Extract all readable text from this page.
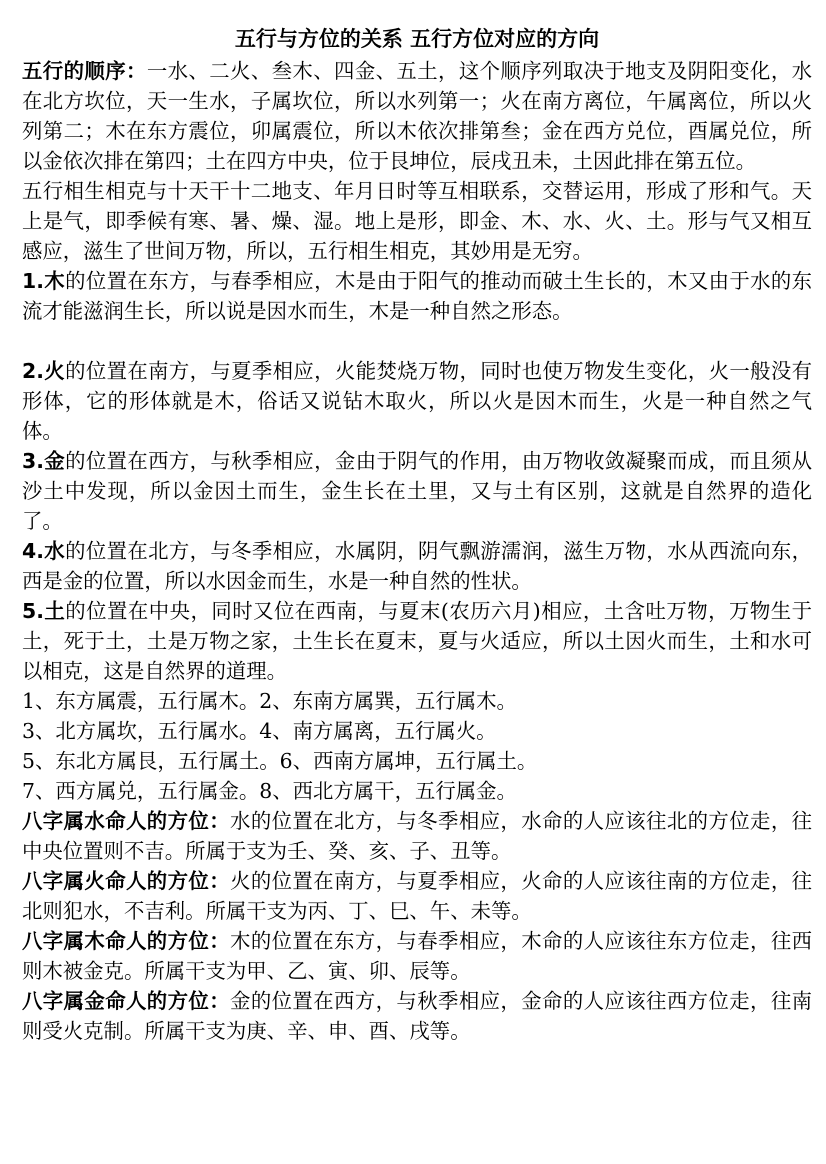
五行与方位的关系 五行方位对应的方向

五行的顺序：一水、二火、叁木、四金、五土，这个顺序列取决于地支及阴阳变化，水在北方坎位，天一生水，子属坎位，所以水列第一；火在南方离位，午属离位，所以火列第二；木在东方震位，卯属震位，所以木依次排第叁；金在西方兑位，酉属兑位，所以金依次排在第四；土在四方中央，位于艮坤位，辰戌丑未，土因此排在第五位。

五行相生相克与十天干十二地支、年月日时等互相联系，交替运用，形成了形和气。天上是气，即季候有寒、暑、燥、湿。地上是形，即金、木、水、火、土。形与气又相互感应，滋生了世间万物，所以，五行相生相克，其妙用是无穷。

1.木的位置在东方，与春季相应，木是由于阳气的推动而破土生长的，木又由于水的东流才能滋润生长，所以说是因水而生，木是一种自然之形态。

2.火的位置在南方，与夏季相应，火能焚烧万物，同时也使万物发生变化，火一般没有形体，它的形体就是木，俗话又说钻木取火，所以火是因木而生，火是一种自然之气体。

3.金的位置在西方，与秋季相应，金由于阴气的作用，由万物收敛凝聚而成，而且须从沙土中发现，所以金因土而生，金生长在土里，又与土有区别，这就是自然界的造化了。

4.水的位置在北方，与冬季相应，水属阴，阴气飘游濡润，滋生万物，水从西流向东，西是金的位置，所以水因金而生，水是一种自然的性状。

5.土的位置在中央，同时又位在西南，与夏末(农历六月)相应，土含吐万物，万物生于土，死于土，土是万物之家，土生长在夏末，夏与火适应，所以土因火而生，土和水可以相克，这是自然界的道理。

1、东方属震，五行属木。2、东南方属巽，五行属木。

3、北方属坎，五行属水。4、南方属离，五行属火。

5、东北方属艮，五行属土。6、西南方属坤，五行属土。

7、西方属兑，五行属金。8、西北方属干，五行属金。

八字属水命人的方位：水的位置在北方，与冬季相应，水命的人应该往北的方位走，往中央位置则不吉。所属于支为壬、癸、亥、子、丑等。

八字属火命人的方位：火的位置在南方，与夏季相应，火命的人应该往南的方位走，往北则犯水，不吉利。所属干支为丙、丁、巳、午、未等。

八字属木命人的方位：木的位置在东方，与春季相应，木命的人应该往东方位走，往西则木被金克。所属干支为甲、乙、寅、卯、辰等。

八字属金命人的方位：金的位置在西方，与秋季相应，金命的人应该往西方位走，往南则受火克制。所属干支为庚、辛、申、酉、戌等。
